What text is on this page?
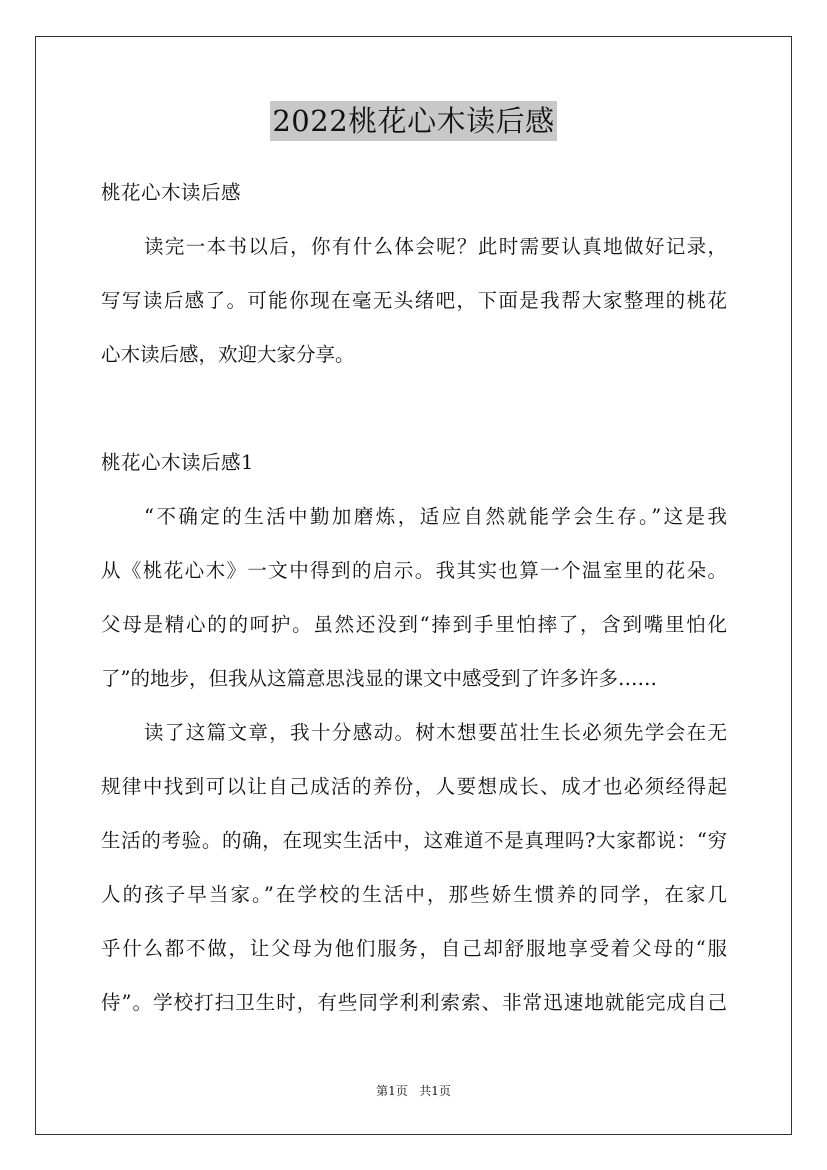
2022桃花心木读后感
桃花心木读后感
读完一本书以后，你有什么体会呢？此时需要认真地做好记录，
写写读后感了。可能你现在毫无头绪吧，下面是我帮大家整理的桃花
心木读后感，欢迎大家分享。
桃花心木读后感1
“不确定的生活中勤加磨炼，适应自然就能学会生存。”这是我
从《桃花心木》一文中得到的启示。我其实也算一个温室里的花朵。
父母是精心的的呵护。虽然还没到“捧到手里怕摔了，含到嘴里怕化
了”的地步，但我从这篇意思浅显的课文中感受到了许多许多……
读了这篇文章，我十分感动。树木想要茁壮生长必须先学会在无
规律中找到可以让自己成活的养份，人要想成长、成才也必须经得起
生活的考验。的确，在现实生活中，这难道不是真理吗?大家都说：“穷
人的孩子早当家。”在学校的生活中，那些娇生惯养的同学，在家几
乎什么都不做，让父母为他们服务，自己却舒服地享受着父母的“服
侍”。学校打扫卫生时，有些同学利利索索、非常迅速地就能完成自己
第1页   共1页
